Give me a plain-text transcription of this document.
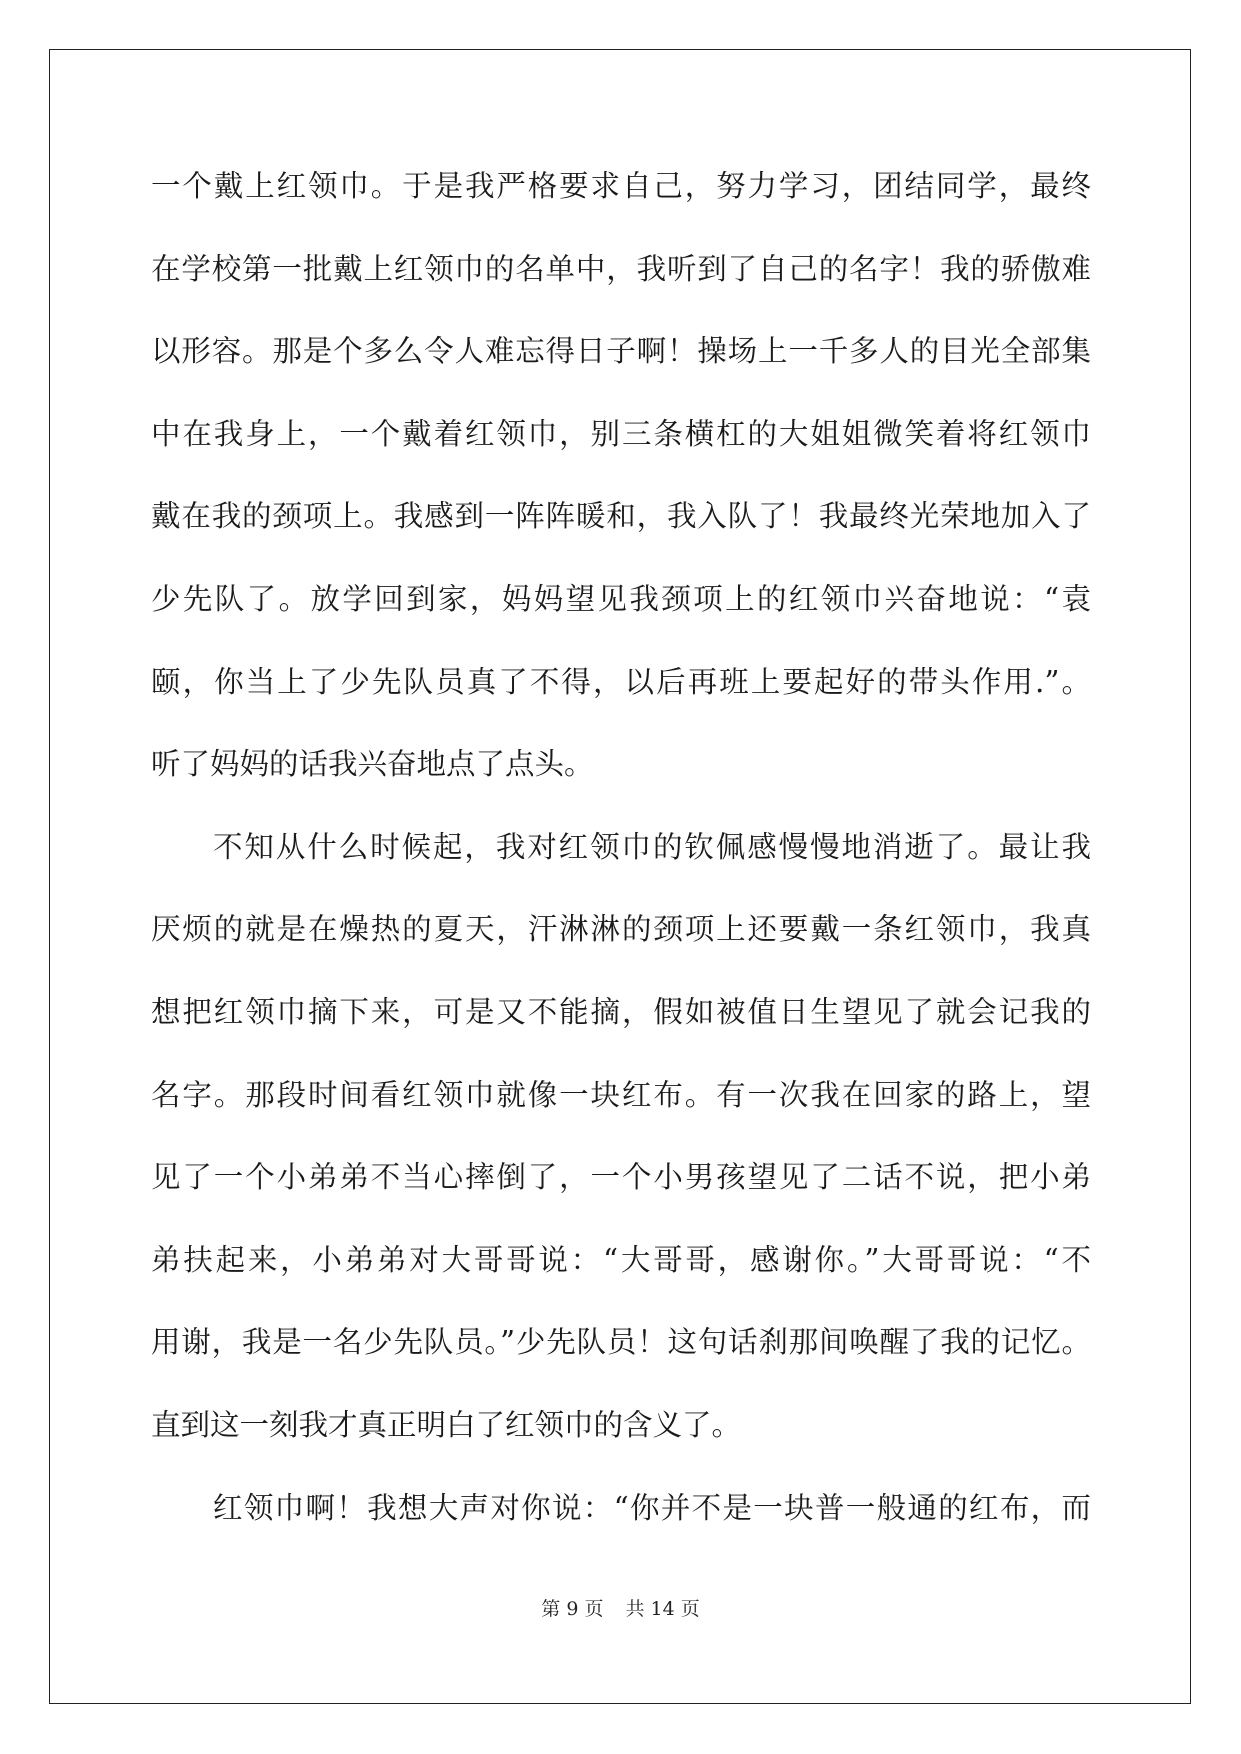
一个戴上红领巾。于是我严格要求自己，努力学习，团结同学，最终
在学校第一批戴上红领巾的名单中，我听到了自己的名字！我的骄傲难
以形容。那是个多么令人难忘得日子啊！操场上一千多人的目光全部集
中在我身上，一个戴着红领巾，别三条横杠的大姐姐微笑着将红领巾
戴在我的颈项上。我感到一阵阵暖和，我入队了！我最终光荣地加入了
少先队了。放学回到家，妈妈望见我颈项上的红领巾兴奋地说：“袁
颐，你当上了少先队员真了不得，以后再班上要起好的带头作用.”。
听了妈妈的话我兴奋地点了点头。
不知从什么时候起，我对红领巾的钦佩感慢慢地消逝了。最让我
厌烦的就是在燥热的夏天，汗淋淋的颈项上还要戴一条红领巾，我真
想把红领巾摘下来，可是又不能摘，假如被值日生望见了就会记我的
名字。那段时间看红领巾就像一块红布。有一次我在回家的路上，望
见了一个小弟弟不当心摔倒了，一个小男孩望见了二话不说，把小弟
弟扶起来，小弟弟对大哥哥说：“大哥哥，感谢你。”大哥哥说：“不
用谢，我是一名少先队员。”少先队员！这句话刹那间唤醒了我的记忆。
直到这一刻我才真正明白了红领巾的含义了。
红领巾啊！我想大声对你说：“你并不是一块普一般通的红布，而
第 9 页 共 14 页
